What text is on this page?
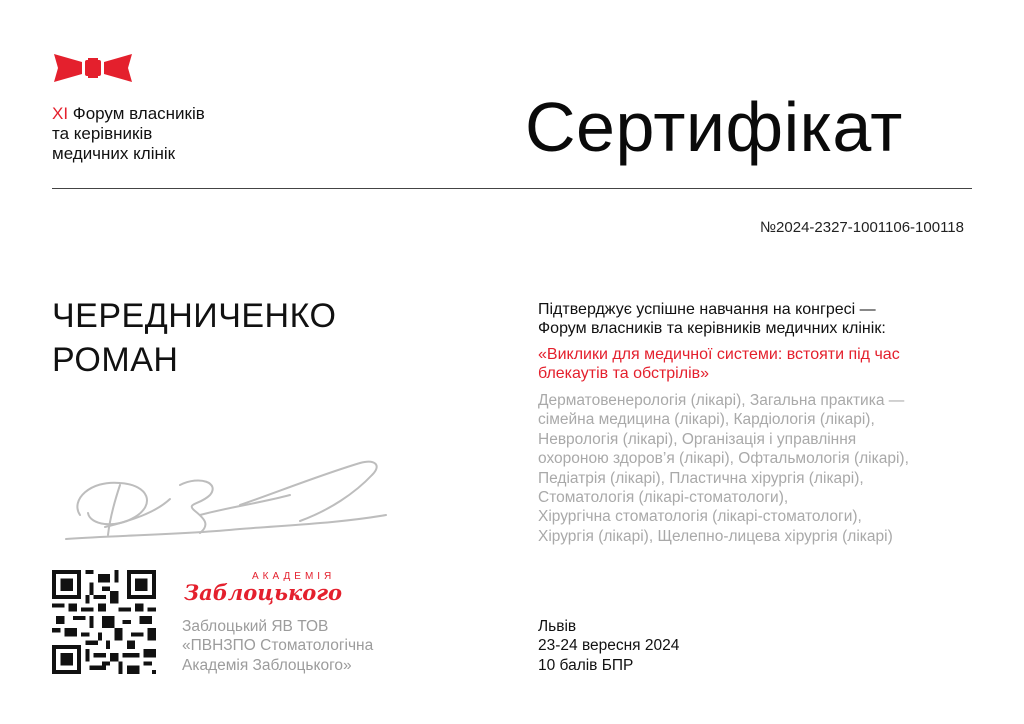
XI Форум власників
та керівників
медичних клінік	Сертифікат
№2024-2327-1001106-100118
ЧЕРЕДНИЧЕНКО
РОМАН
Підтверджує успішне навчання на конгресі —
Форум власників та керівників медичних клінік:
«Виклики для медичної системи: встояти під час
блекаутів та обстрілів»
Дерматовенерологія (лікарі), Загальна практика —
сімейна медицина (лікарі), Кардіологія (лікарі),
Неврологія (лікарі), Організація і управління
охороною здоров’я (лікарі), Офтальмологія (лікарі),
Педіатрія (лікарі), Пластична хірургія (лікарі),
Стоматологія (лікарі-стоматологи),
Хірургічна стоматологія (лікарі-стоматологи),
Хірургія (лікарі), Щелепно-лицева хірургія (лікарі)
АКАДЕМІЯ
Заблоцького
Заблоцький ЯВ ТОВ
«ПВНЗПО Стоматологічна
Академія Заблоцького»
Львів
23-24 вересня 2024
10 балів БПР
